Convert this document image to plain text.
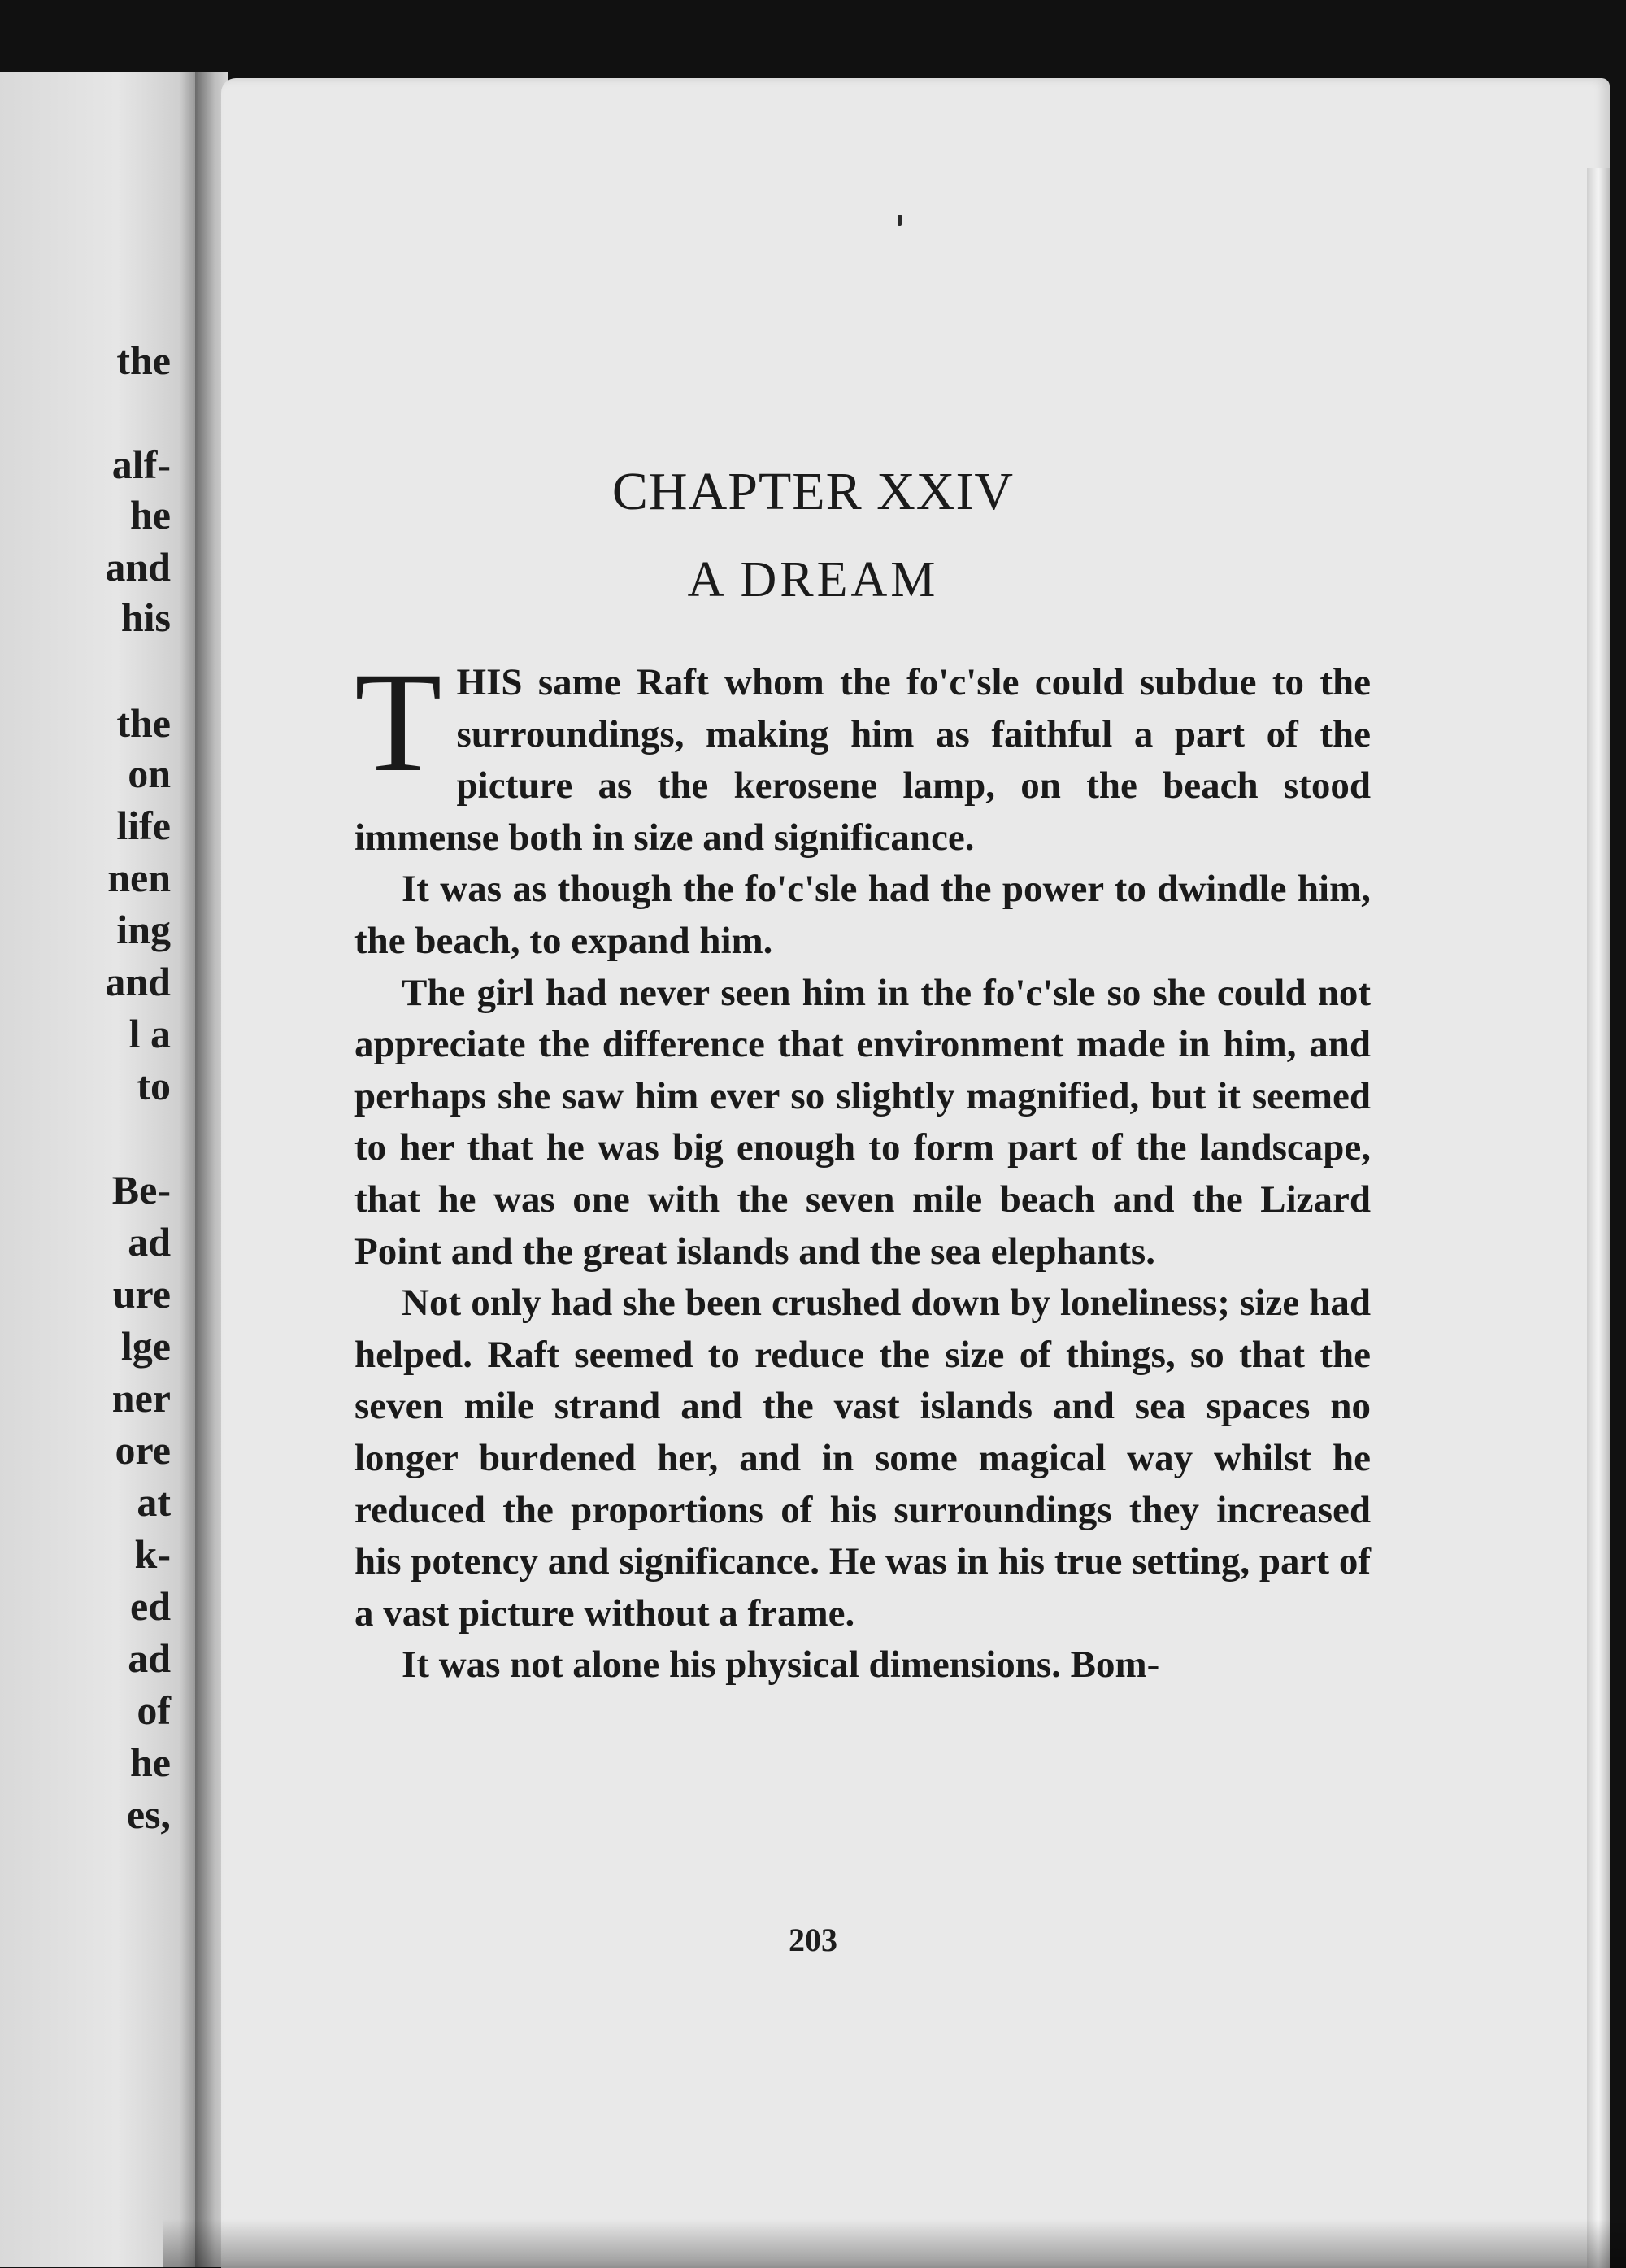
the
alf-
he
and
his
the
on
life
nen
ing
and
l a
to
Be-
ad
ure
lge
ner
ore
at
k-
ed
ad
of
he
es,
CHAPTER XXIV
A DREAM

THIS same Raft whom the fo'c'sle could subdue to the surroundings, making him as faithful a part of the picture as the kerosene lamp, on the beach stood immense both in size and significance.

It was as though the fo'c'sle had the power to dwindle him, the beach, to expand him.

The girl had never seen him in the fo'c'sle so she could not appreciate the difference that environment made in him, and perhaps she saw him ever so slightly magnified, but it seemed to her that he was big enough to form part of the landscape, that he was one with the seven mile beach and the Lizard Point and the great islands and the sea elephants.

Not only had she been crushed down by loneliness; size had helped. Raft seemed to reduce the size of things, so that the seven mile strand and the vast islands and sea spaces no longer burdened her, and in some magical way whilst he reduced the proportions of his surroundings they increased his potency and significance. He was in his true setting, part of a vast picture without a frame.

It was not alone his physical dimensions. Bom-

203
